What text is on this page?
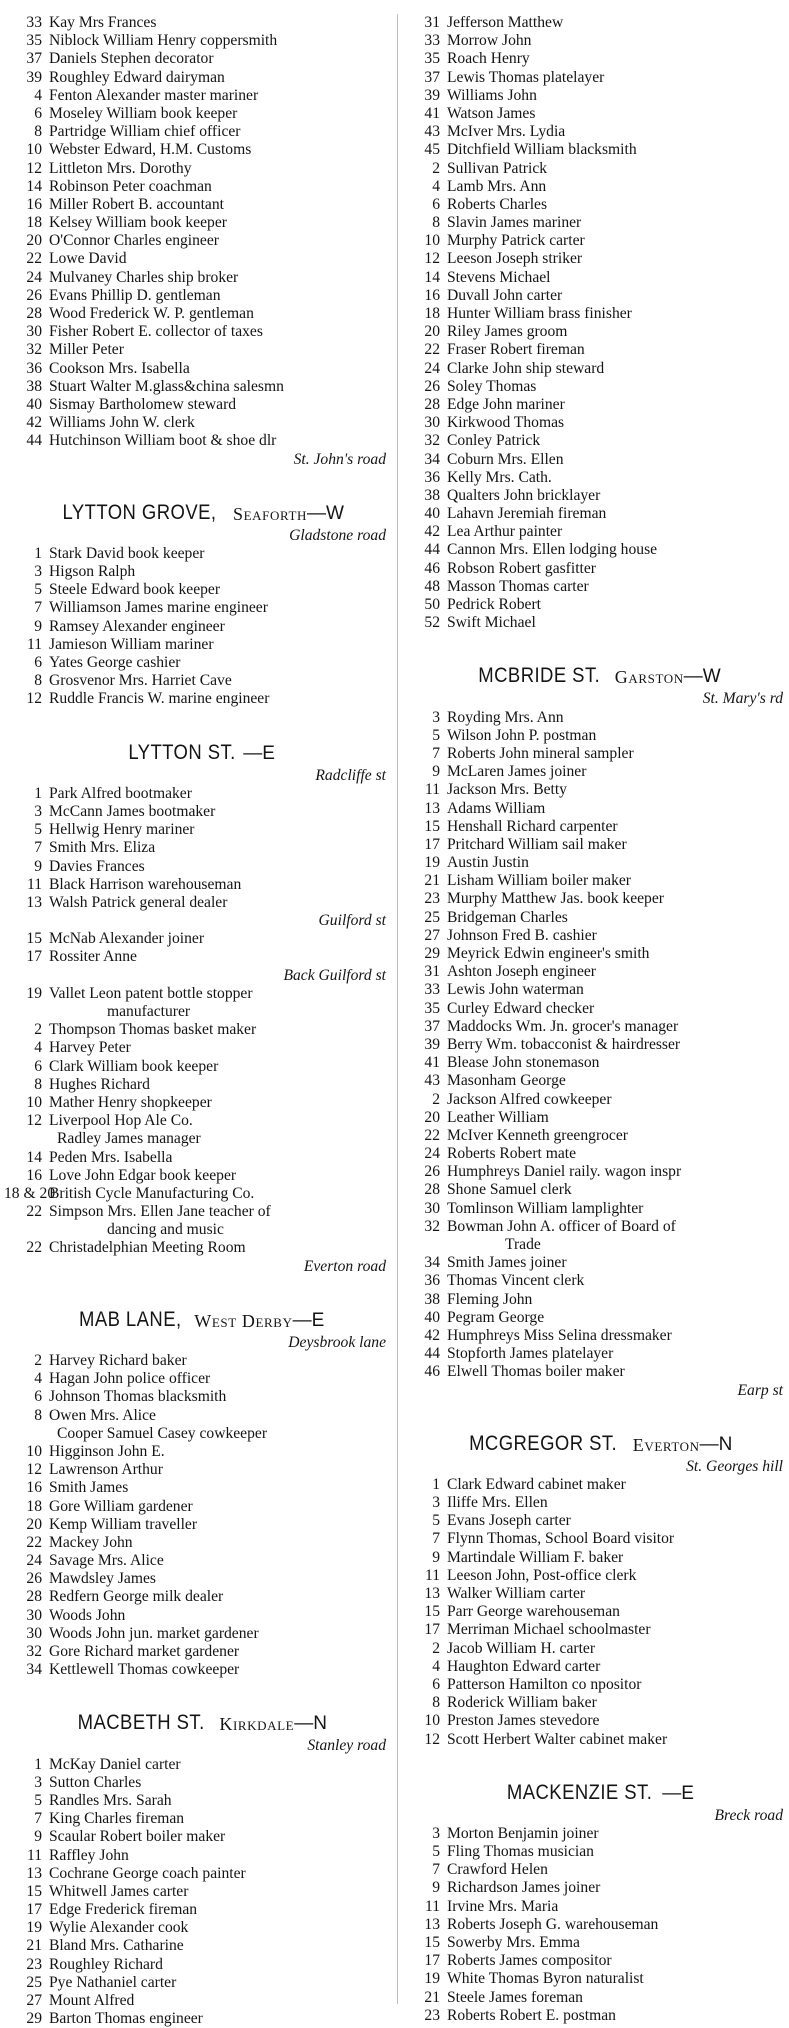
33 Kay Mrs Frances
35 Niblock William Henry coppersmith
37 Daniels Stephen decorator
39 Roughley Edward dairyman
4 Fenton Alexander master mariner
6 Moseley William book keeper
8 Partridge William chief officer
10 Webster Edward, H.M. Customs
12 Littleton Mrs. Dorothy
14 Robinson Peter coachman
16 Miller Robert B. accountant
18 Kelsey William book keeper
20 O'Connor Charles engineer
22 Lowe David
24 Mulvaney Charles ship broker
26 Evans Phillip D. gentleman
28 Wood Frederick W. P. gentleman
30 Fisher Robert E. collector of taxes
32 Miller Peter
36 Cookson Mrs. Isabella
38 Stuart Walter M.glass&china salesmn
40 Sismay Bartholomew steward
42 Williams John W. clerk
44 Hutchinson William boot & shoe dlr
St. John's road
LYTTON GROVE, Seaforth — W
Gladstone road
1 Stark David book keeper
3 Higson Ralph
5 Steele Edward book keeper
7 Williamson James marine engineer
9 Ramsey Alexander engineer
11 Jamieson William mariner
6 Yates George cashier
8 Grosvenor Mrs. Harriet Cave
12 Ruddle Francis W. marine engineer
LYTTON ST. — E
Radcliffe st
1 Park Alfred bootmaker
3 McCann James bootmaker
5 Hellwig Henry mariner
7 Smith Mrs. Eliza
9 Davies Frances
11 Black Harrison warehouseman
13 Walsh Patrick general dealer
Guilford st
15 McNab Alexander joiner
17 Rossiter Anne
Back Guilford st
19 Vallet Leon patent bottle stopper
manufacturer
2 Thompson Thomas basket maker
4 Harvey Peter
6 Clark William book keeper
8 Hughes Richard
10 Mather Henry shopkeeper
12 Liverpool Hop Ale Co.
Radley James manager
14 Peden Mrs. Isabella
16 Love John Edgar book keeper
18 & 20
British Cycle Manufacturing Co.
22 Simpson Mrs. Ellen Jane teacher of
dancing and music
22 Christadelphian Meeting Room
Everton road
MAB LANE, West Derby — E
Deysbrook lane
2 Harvey Richard baker
4 Hagan John police officer
6 Johnson Thomas blacksmith
8 Owen Mrs. Alice
Cooper Samuel Casey cowkeeper
10 Higginson John E.
12 Lawrenson Arthur
16 Smith James
18 Gore William gardener
20 Kemp William traveller
22 Mackey John
24 Savage Mrs. Alice
26 Mawdsley James
28 Redfern George milk dealer
30 Woods John
30 Woods John jun. market gardener
32 Gore Richard market gardener
34 Kettlewell Thomas cowkeeper
MACBETH ST. Kirkdale — N
Stanley road
1 McKay Daniel carter
3 Sutton Charles
5 Randles Mrs. Sarah
7 King Charles fireman
9 Scaular Robert boiler maker
11 Raffley John
13 Cochrane George coach painter
15 Whitwell James carter
17 Edge Frederick fireman
19 Wylie Alexander cook
21 Bland Mrs. Catharine
23 Roughley Richard
25 Pye Nathaniel carter
27 Mount Alfred
29 Barton Thomas engineer
31 Jefferson Matthew
33 Morrow John
35 Roach Henry
37 Lewis Thomas platelayer
39 Williams John
41 Watson James
43 McIver Mrs. Lydia
45 Ditchfield William blacksmith
2 Sullivan Patrick
4 Lamb Mrs. Ann
6 Roberts Charles
8 Slavin James mariner
10 Murphy Patrick carter
12 Leeson Joseph striker
14 Stevens Michael
16 Duvall John carter
18 Hunter William brass finisher
20 Riley James groom
22 Fraser Robert fireman
24 Clarke John ship steward
26 Soley Thomas
28 Edge John mariner
30 Kirkwood Thomas
32 Conley Patrick
34 Coburn Mrs. Ellen
36 Kelly Mrs. Cath.
38 Qualters John bricklayer
40 Lahavn Jeremiah fireman
42 Lea Arthur painter
44 Cannon Mrs. Ellen lodging house
46 Robson Robert gasfitter
48 Masson Thomas carter
50 Pedrick Robert
52 Swift Michael
MCBRIDE ST. Garston — W
St. Mary's rd
3 Royding Mrs. Ann
5 Wilson John P. postman
7 Roberts John mineral sampler
9 McLaren James joiner
11 Jackson Mrs. Betty
13 Adams William
15 Henshall Richard carpenter
17 Pritchard William sail maker
19 Austin Justin
21 Lisham William boiler maker
23 Murphy Matthew Jas. book keeper
25 Bridgeman Charles
27 Johnson Fred B. cashier
29 Meyrick Edwin engineer's smith
31 Ashton Joseph engineer
33 Lewis John waterman
35 Curley Edward checker
37 Maddocks Wm. Jn. grocer's manager
39 Berry Wm. tobacconist & hairdresser
41 Blease John stonemason
43 Masonham George
2 Jackson Alfred cowkeeper
20 Leather William
22 McIver Kenneth greengrocer
24 Roberts Robert mate
26 Humphreys Daniel raily. wagon inspr
28 Shone Samuel clerk
30 Tomlinson William lamplighter
32 Bowman John A. officer of Board of
Trade
34 Smith James joiner
36 Thomas Vincent clerk
38 Fleming John
40 Pegram George
42 Humphreys Miss Selina dressmaker
44 Stopforth James platelayer
46 Elwell Thomas boiler maker
Earp st
MCGREGOR ST. Everton — N
St. Georges hill
1 Clark Edward cabinet maker
3 Iliffe Mrs. Ellen
5 Evans Joseph carter
7 Flynn Thomas, School Board visitor
9 Martindale William F. baker
11 Leeson John, Post-office clerk
13 Walker William carter
15 Parr George warehouseman
17 Merriman Michael schoolmaster
2 Jacob William H. carter
4 Haughton Edward carter
6 Patterson Hamilton co npositor
8 Roderick William baker
10 Preston James stevedore
12 Scott Herbert Walter cabinet maker
MACKENZIE ST. — E
Breck road
3 Morton Benjamin joiner
5 Fling Thomas musician
7 Crawford Helen
9 Richardson James joiner
11 Irvine Mrs. Maria
13 Roberts Joseph G. warehouseman
15 Sowerby Mrs. Emma
17 Roberts James compositor
19 White Thomas Byron naturalist
21 Steele James foreman
23 Roberts Robert E. postman
